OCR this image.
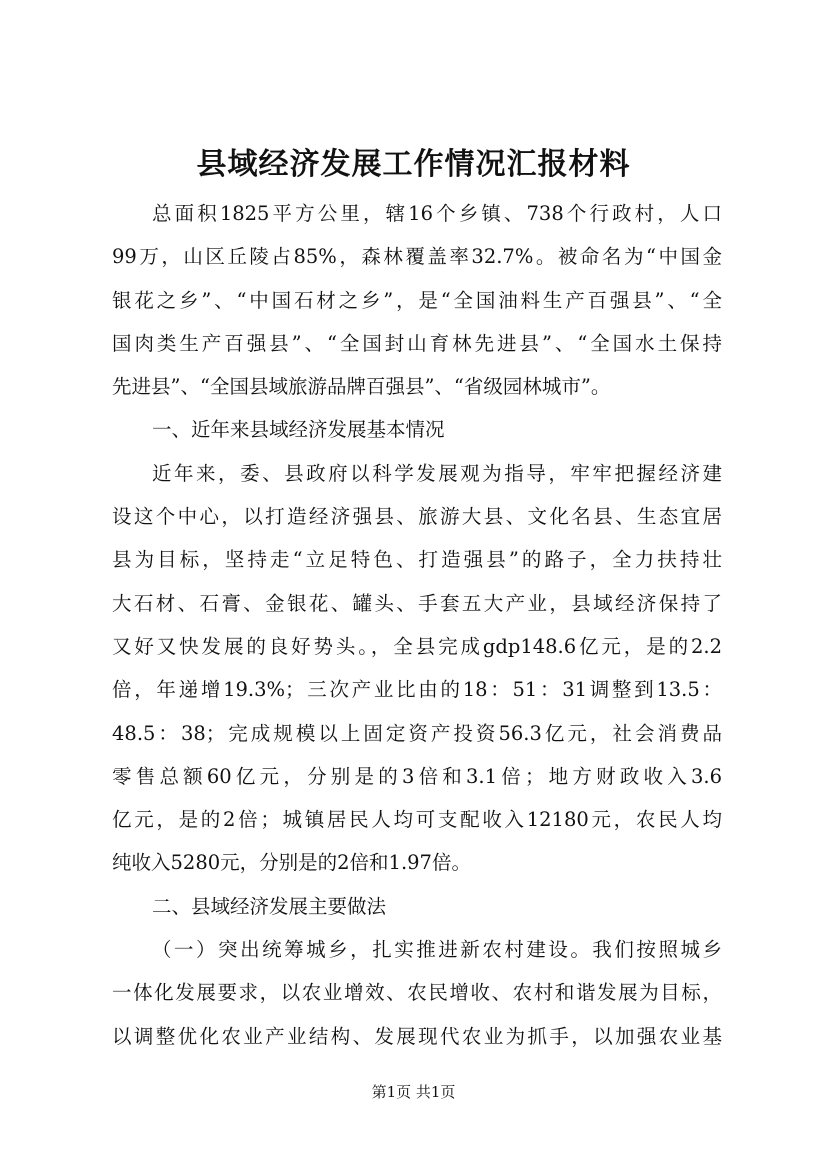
县域经济发展工作情况汇报材料
总面积1825平方公里，辖16个乡镇、738个行政村，人口
99万，山区丘陵占85%，森林覆盖率32.7%。被命名为“中国金
银花之乡”、“中国石材之乡”，是“全国油料生产百强县”、“全
国肉类生产百强县”、“全国封山育林先进县”、“全国水土保持
先进县”、“全国县域旅游品牌百强县”、“省级园林城市”。
一、近年来县域经济发展基本情况
近年来，委、县政府以科学发展观为指导，牢牢把握经济建
设这个中心，以打造经济强县、旅游大县、文化名县、生态宜居
县为目标，坚持走“立足特色、打造强县”的路子，全力扶持壮
大石材、石膏、金银花、罐头、手套五大产业，县域经济保持了
又好又快发展的良好势头。，全县完成gdp148.6亿元，是的2.2
倍，年递增19.3%；三次产业比由的18：51：31调整到13.5：
48.5：38；完成规模以上固定资产投资56.3亿元，社会消费品
零售总额60亿元，分别是的3倍和3.1倍；地方财政收入3.6
亿元，是的2倍；城镇居民人均可支配收入12180元，农民人均
纯收入5280元，分别是的2倍和1.97倍。
二、县域经济发展主要做法
（一）突出统筹城乡，扎实推进新农村建设。我们按照城乡
一体化发展要求，以农业增效、农民增收、农村和谐发展为目标，
以调整优化农业产业结构、发展现代农业为抓手，以加强农业基
第1页 共1页
